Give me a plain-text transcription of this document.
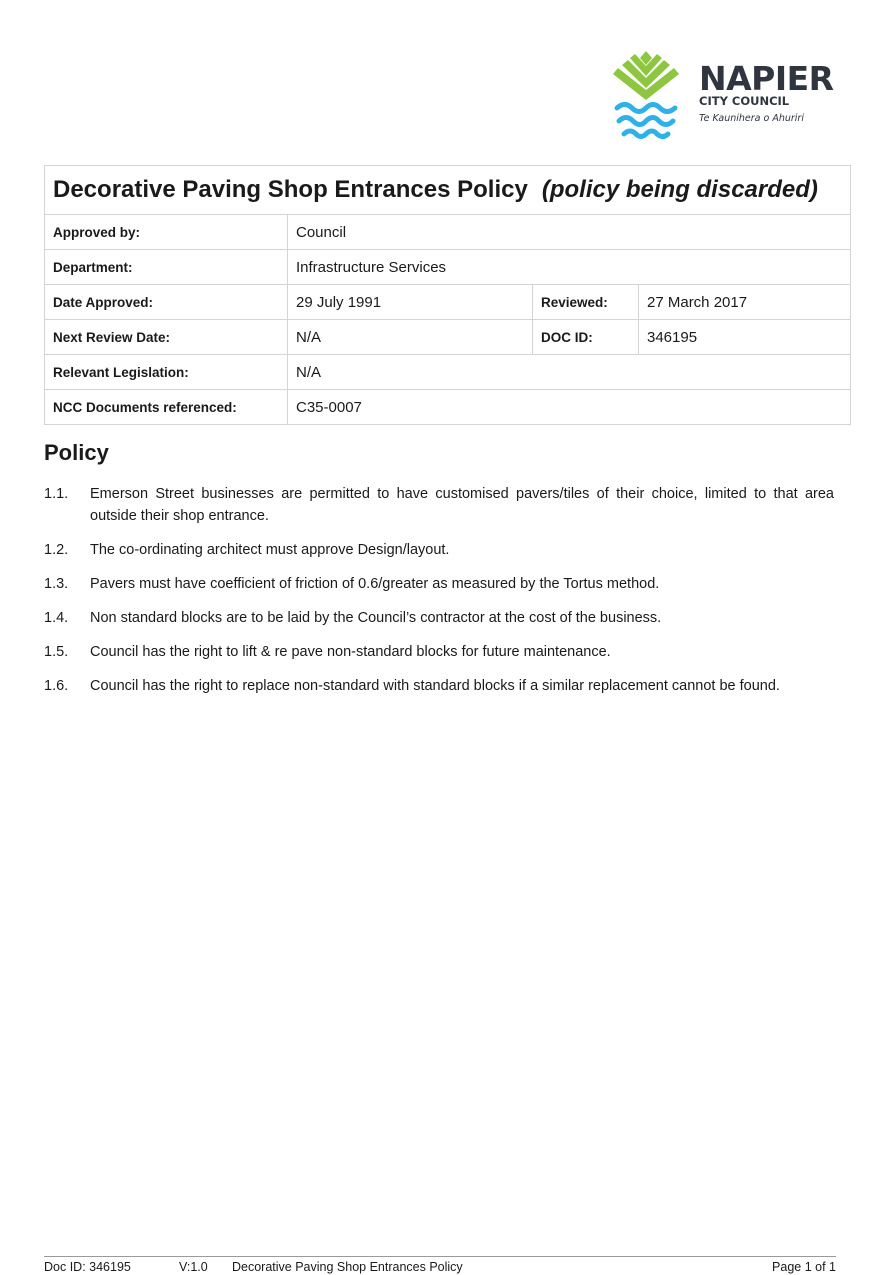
NAPIER
CITY COUNCIL
Te Kaunihera o Ahuriri
Decorative Paving Shop Entrances Policy (policy being discarded)			
Approved by:	Council		
Department:	Infrastructure Services		
Date Approved:	29 July 1991	Reviewed:	27 March 2017
Next Review Date:	N/A	DOC ID:	346195
Relevant Legislation:	N/A		
NCC Documents referenced:	C35-0007		
Policy
1.1.	Emerson Street businesses are permitted to have customised pavers/tiles of their choice, limited to that area outside their shop entrance.
1.2.	The co-ordinating architect must approve Design/layout.
1.3.	Pavers must have coefficient of friction of 0.6/greater as measured by the Tortus method.
1.4.	Non standard blocks are to be laid by the Council’s contractor at the cost of the business.
1.5.	Council has the right to lift & re pave non-standard blocks for future maintenance.
1.6.	Council has the right to replace non-standard with standard blocks if a similar replacement cannot be found.
Doc ID: 346195	V:1.0 Decorative Paving Shop Entrances Policy	Page 1 of 1
